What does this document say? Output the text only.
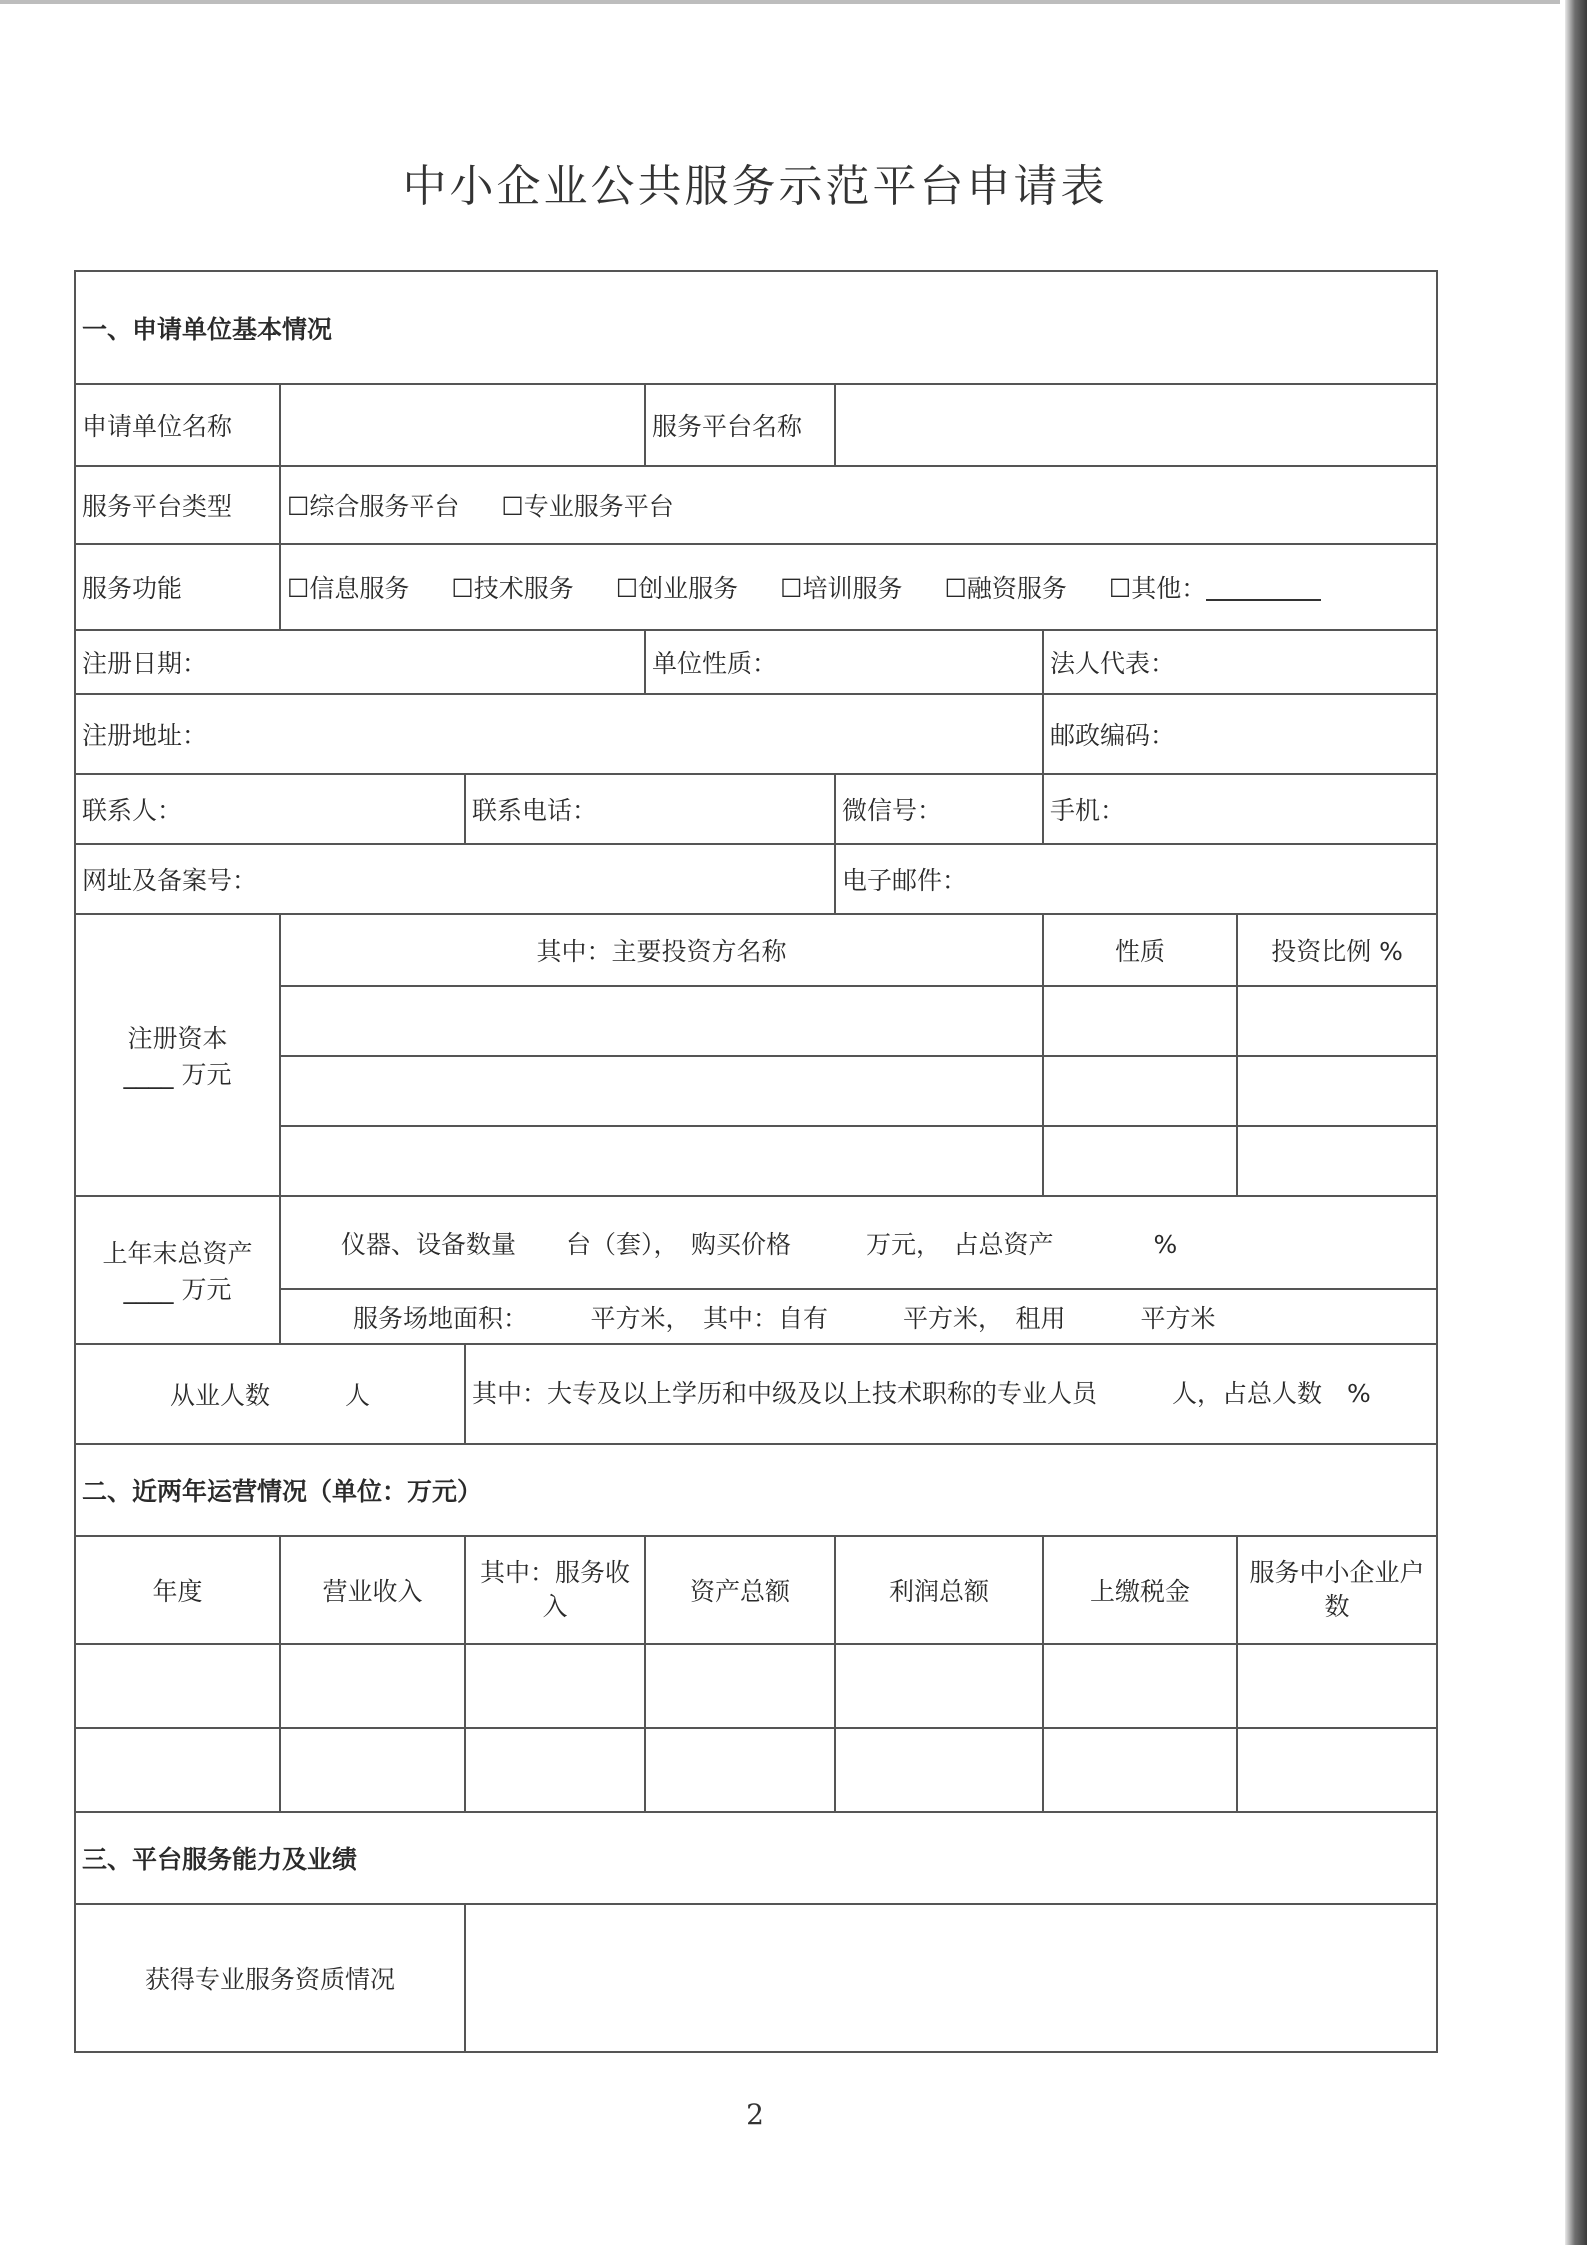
中小企业公共服务示范平台申请表
一、申请单位基本情况						
申请单位名称			服务平台名称			
服务平台类型	☐综合服务平台 ☐专业服务平台					
服务功能	☐信息服务 ☐技术服务 ☐创业服务 ☐培训服务 ☐融资服务 ☐其他：					
注册日期：			单位性质：		法人代表：	
注册地址：					邮政编码：	
联系人：		联系电话：		微信号：	手机：	
网址及备案号：				电子邮件：		

注册资本
____ 万元	其中：主要投资方名称				性质	投资比例 %

上年末总资产
____ 万元	仪器、设备数量　　台（套），　购买价格　　　万元，　占总资产　　　　%					
	服务场地面积：　　　平方米，　其中：自有　　　平方米，　租用　　　平方米					
从业人数　　　人		其中：大专及以上学历和中级及以上技术职称的专业人员　　　人，占总人数　%				
二、近两年运营情况（单位：万元）						
年度	营业收入	其中：服务收入	资产总额	利润总额	上缴税金	服务中小企业户数

三、平台服务能力及业绩						
获得专业服务资质情况						
2
